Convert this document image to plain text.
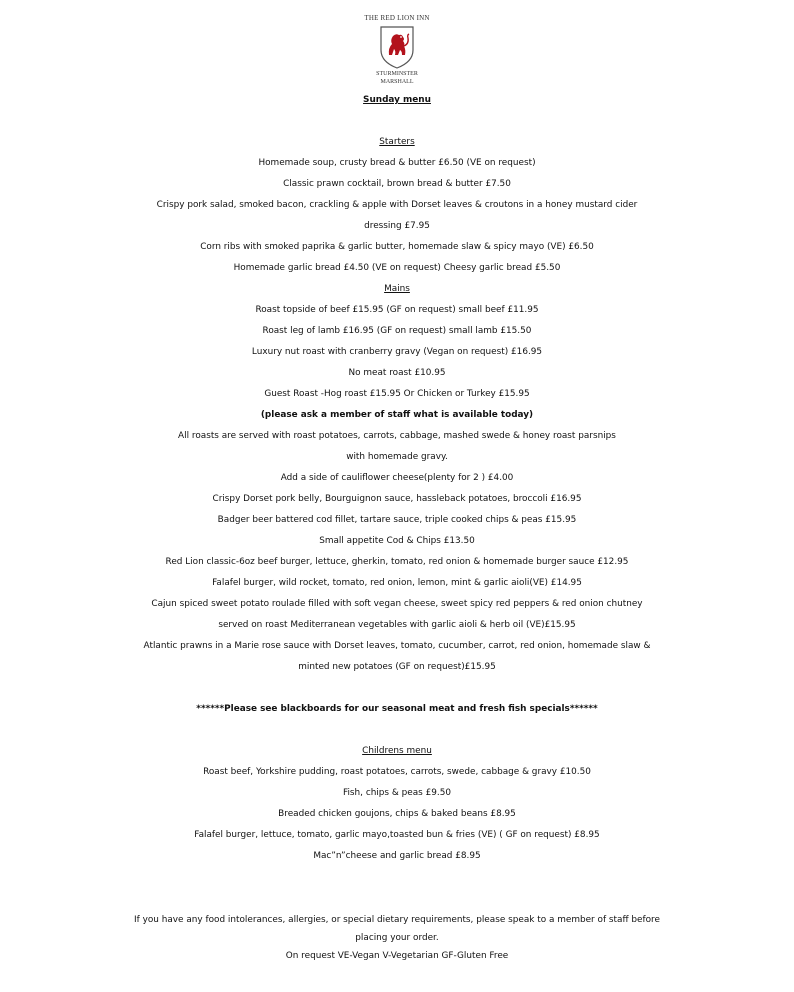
THE RED LION INN
STURMINSTER
MARSHALL
Sunday menu
Starters
Homemade soup, crusty bread & butter £6.50 (VE on request)
Classic prawn cocktail, brown bread & butter £7.50
Crispy pork salad, smoked bacon, crackling & apple with Dorset leaves & croutons in a honey mustard cider
dressing £7.95
Corn ribs with smoked paprika & garlic butter, homemade slaw & spicy mayo (VE) £6.50
Homemade garlic bread £4.50 (VE on request) Cheesy garlic bread £5.50
Mains
Roast topside of beef £15.95 (GF on request) small beef £11.95
Roast leg of lamb £16.95 (GF on request) small lamb £15.50
Luxury nut roast with cranberry gravy (Vegan on request) £16.95
No meat roast £10.95
Guest Roast -Hog roast £15.95 Or Chicken or Turkey £15.95
(please ask a member of staff what is available today)
All roasts are served with roast potatoes, carrots, cabbage, mashed swede & honey roast parsnips
with homemade gravy.
Add a side of cauliflower cheese(plenty for 2 ) £4.00
Crispy Dorset pork belly, Bourguignon sauce, hassleback potatoes, broccoli £16.95
Badger beer battered cod fillet, tartare sauce, triple cooked chips & peas £15.95
Small appetite Cod & Chips £13.50
Red Lion classic-6oz beef burger, lettuce, gherkin, tomato, red onion & homemade burger sauce £12.95
Falafel burger, wild rocket, tomato, red onion, lemon, mint & garlic aioli(VE) £14.95
Cajun spiced sweet potato roulade filled with soft vegan cheese, sweet spicy red peppers & red onion chutney
served on roast Mediterranean vegetables with garlic aioli & herb oil (VE)£15.95
Atlantic prawns in a Marie rose sauce with Dorset leaves, tomato, cucumber, carrot, red onion, homemade slaw &
minted new potatoes (GF on request)£15.95
******Please see blackboards for our seasonal meat and fresh fish specials******
Childrens menu
Roast beef, Yorkshire pudding, roast potatoes, carrots, swede, cabbage & gravy £10.50
Fish, chips & peas £9.50
Breaded chicken goujons, chips & baked beans £8.95
Falafel burger, lettuce, tomato, garlic mayo,toasted bun & fries (VE) ( GF on request) £8.95
Mac”n”cheese and garlic bread £8.95
If you have any food intolerances, allergies, or special dietary requirements, please speak to a member of staff before
placing your order.
On request VE-Vegan V-Vegetarian GF-Gluten Free
